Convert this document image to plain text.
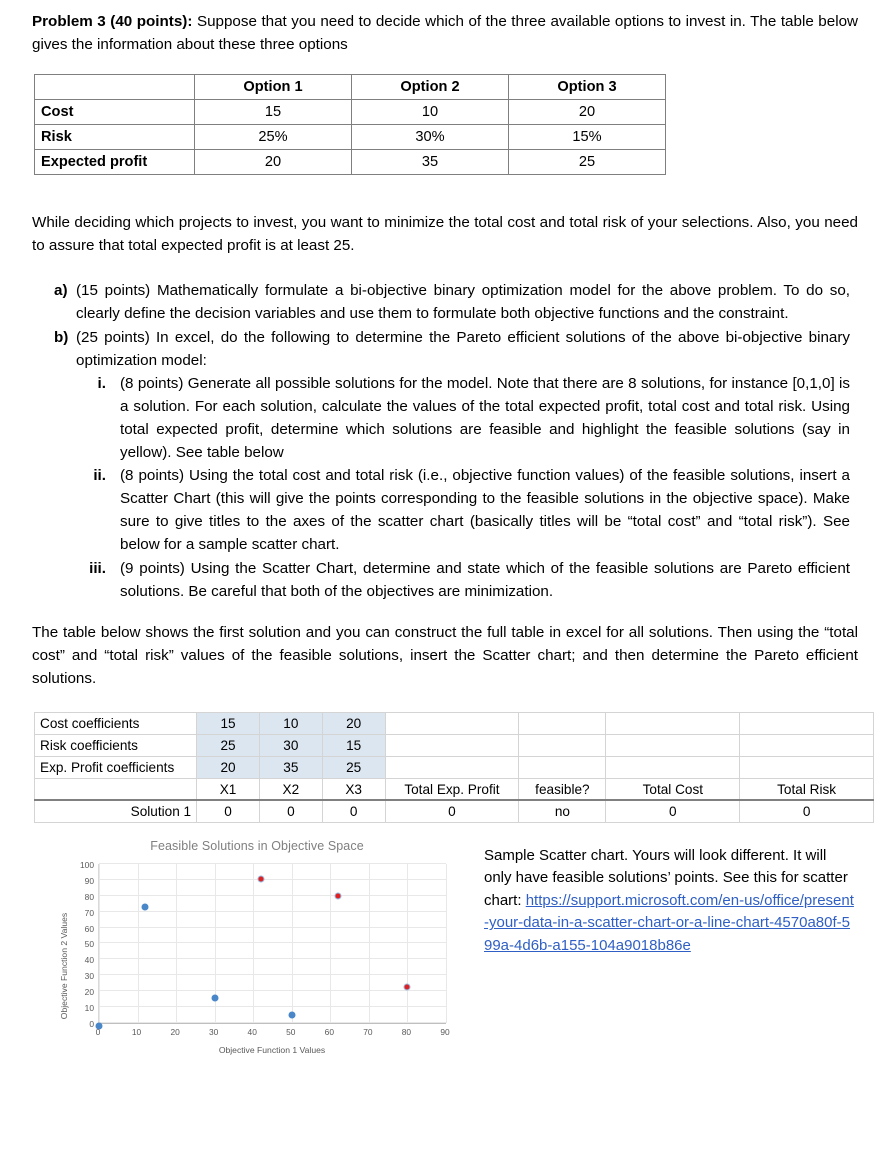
Problem 3 (40 points): Suppose that you need to decide which of the three available options to invest in. The table below gives the information about these three options

	Option 1	Option 2	Option 3
Cost	15	10	20
Risk	25%	30%	15%
Expected profit	20	35	25

While deciding which projects to invest, you want to minimize the total cost and total risk of your selections. Also, you need to assure that total expected profit is at least 25.

a) (15 points) Mathematically formulate a bi-objective binary optimization model for the above problem. To do so, clearly define the decision variables and use them to formulate both objective functions and the constraint.
b) (25 points) In excel, do the following to determine the Pareto efficient solutions of the above bi-objective binary optimization model:
i. (8 points) Generate all possible solutions for the model. Note that there are 8 solutions, for instance [0,1,0] is a solution. For each solution, calculate the values of the total expected profit, total cost and total risk. Using total expected profit, determine which solutions are feasible and highlight the feasible solutions (say in yellow). See table below
ii. (8 points) Using the total cost and total risk (i.e., objective function values) of the feasible solutions, insert a Scatter Chart (this will give the points corresponding to the feasible solutions in the objective space). Make sure to give titles to the axes of the scatter chart (basically titles will be “total cost” and “total risk”). See below for a sample scatter chart.
iii. (9 points) Using the Scatter Chart, determine and state which of the feasible solutions are Pareto efficient solutions. Be careful that both of the objectives are minimization.

The table below shows the first solution and you can construct the full table in excel for all solutions. Then using the “total cost” and “total risk” values of the feasible solutions, insert the Scatter chart; and then determine the Pareto efficient solutions.

Cost coefficients	15	10	20				
Risk coefficients	25	30	15				
Exp. Profit coefficients	20	35	25				
	X1	X2	X3	Total Exp. Profit	feasible?	Total Cost	Total Risk
Solution 1	0	0	0	0	no	0	0
Feasible Solutions in Objective Space
Objective Function 2 Values
0
10
20
30
40
50
60
70
80
90
100
0	10	20	30	40	50	60	70	80	90
Objective Function 1 Values
Sample Scatter chart. Yours will look different. It will only have feasible solutions’ points. See this for scatter chart: https://support.microsoft.com/en-us/office/present-your-data-in-a-scatter-chart-or-a-line-chart-4570a80f-599a-4d6b-a155-104a9018b86e
